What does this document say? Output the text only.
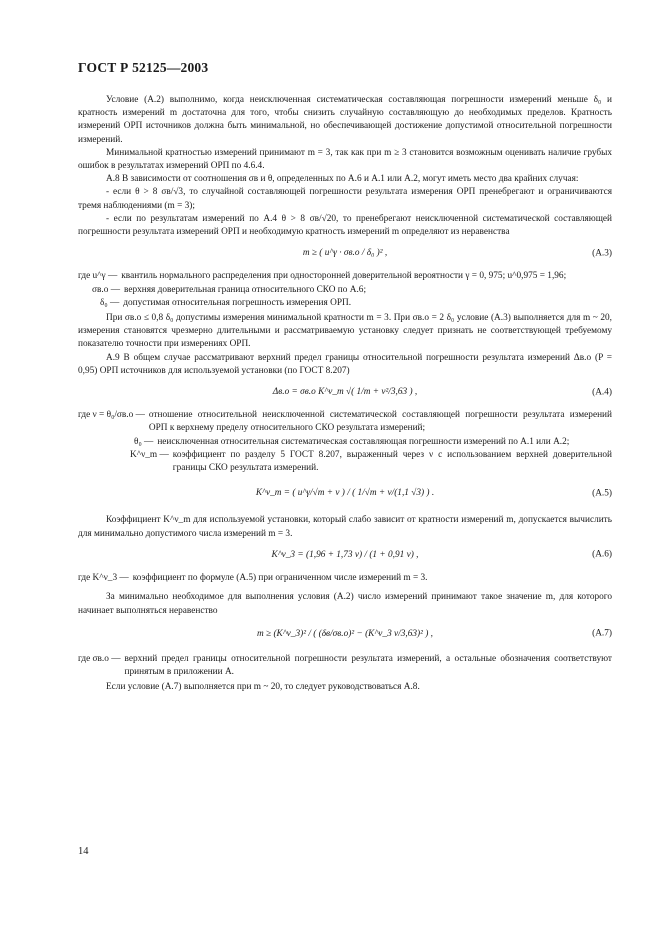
ГОСТ Р 52125—2003

Условие (А.2) выполнимо, когда неисключенная систематическая составляющая погрешности измерений меньше δ₀ и кратность измерений m достаточна для того, чтобы снизить случайную составляющую до необходимых пределов. Кратность измерений ОРП источников должна быть минимальной, но обеспечивающей достижение допустимой относительной погрешности измерений.

Минимальной кратностью измерений принимают m = 3, так как при m ≥ 3 становится возможным оценивать наличие грубых ошибок в результатах измерений ОРП по 4.6.4.

А.8 В зависимости от соотношения σв и θ, определенных по А.6 и А.1 или А.2, могут иметь место два крайних случая:

- если θ > 8 σв/√3, то случайной составляющей погрешности результата измерения ОРП пренебрегают и ограничиваются тремя наблюдениями (m = 3);

- если по результатам измерений по А.4 θ > 8 σв/√20, то пренебрегают неисключенной систематической составляющей погрешности результата измерений ОРП и необходимую кратность измерений m определяют из неравенства

m ≥ ( u^γ · σв.о / δ₀ )² ,	(А.3)
где u^γ — квантиль нормального распределения при односторонней доверительной вероятности γ = 0, 975; u^0,975 = 1,96;
σв.о — верхняя доверительная граница относительного СКО по А.6;
δ₀ — допустимая относительная погрешность измерения ОРП.

При σв.о ≤ 0,8 δ₀ допустимы измерения минимальной кратности m = 3. При σв.о = 2 δ₀ условие (А.3) выполняется для m ~ 20, измерения становятся чрезмерно длительными и рассматриваемую установку следует признать не соответствующей требуемому показателю точности при измерениях ОРП.

А.9 В общем случае рассматривают верхний предел границы относительной погрешности результата измерений Δв.о (P = 0,95) ОРП источников для используемой установки (по ГОСТ 8.207)

Δв.о = σв.о K^ν_m √( 1/m + ν²/3,63 ) ,	(А.4)
где ν = θ₀/σв.о — отношение относительной неисключенной систематической составляющей погрешности результата измерений ОРП к верхнему пределу относительного СКО результата измерений;
θ₀ — неисключенная относительная систематическая составляющая погрешности измерений по А.1 или А.2;
K^ν_m — коэффициент по разделу 5 ГОСТ 8.207, выраженный через ν с использованием верхней доверительной границы СКО результата измерений.
K^ν_m = ( u^γ/√m + ν ) / ( 1/√m + ν/(1,1 √3) ) .	(А.5)

Коэффициент K^ν_m для используемой установки, который слабо зависит от кратности измерений m, допускается вычислить для минимально допустимого числа измерений m = 3.

K^ν_3 = (1,96 + 1,73 ν) / (1 + 0,91 ν) ,	(А.6)
где K^ν_3 — коэффициент по формуле (А.5) при ограниченном числе измерений m = 3.

За минимально необходимое для выполнения условия (А.2) число измерений принимают такое значение m, для которого начинает выполняться неравенство

m ≥ (K^ν_3)² / ( (δв/σв.о)² − (K^ν_3 ν/3,63)² ) ,	(А.7)
где σв.о — верхний предел границы относительной погрешности результата измерений, а остальные обозначения соответствуют принятым в приложении А.

Если условие (А.7) выполняется при m ~ 20, то следует руководствоваться А.8.

14
